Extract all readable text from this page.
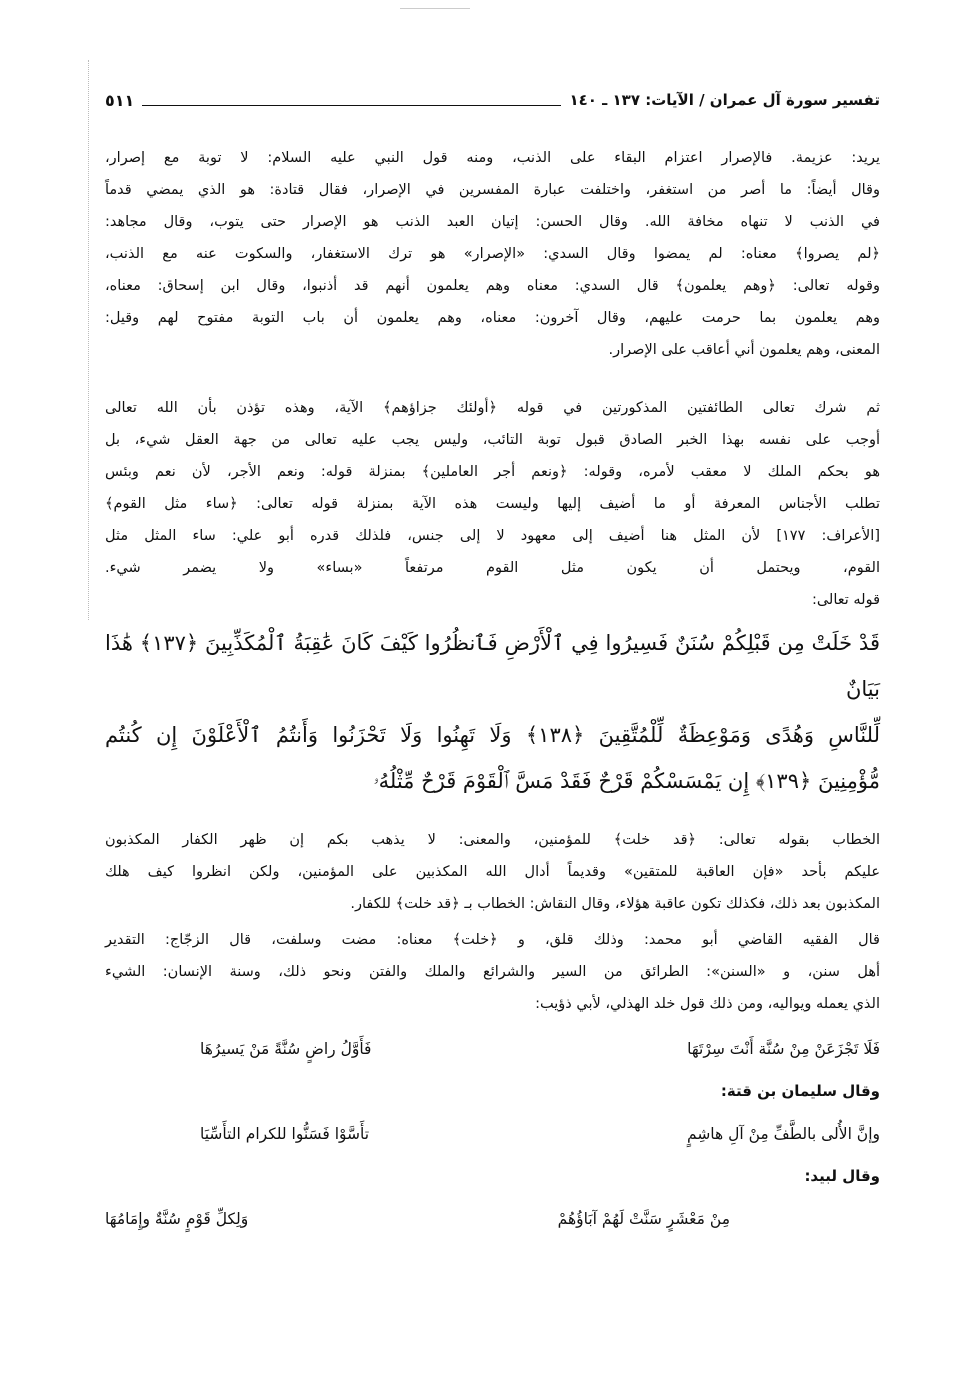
تفسير سورة آل عمران / الآيات: ١٣٧ ـ ١٤٠
٥١١
يريد: عزيمة. فالإصرار اعتزام البقاء على الذنب، ومنه قول النبي عليه السلام: لا توبة مع إصرار،
وقال أيضاً: ما أصر من استغفر، واختلفت عبارة المفسرين في الإصرار، فقال قتادة: هو الذي يمضي قدماً
في الذنب لا تنهاه مخافة الله. وقال الحسن: إتيان العبد الذنب هو الإصرار حتى يتوب، وقال مجاهد:
﴿لم يصروا﴾ معناه: لم يمضوا وقال السدي: «الإصرار» هو ترك الاستغفار، والسكوت عنه مع الذنب،
وقوله تعالى: ﴿وهم يعلمون﴾ قال السدي: معناه وهم يعلمون أنهم قد أذنبوا، وقال ابن إسحاق: معناه،
وهم يعلمون بما حرمت عليهم، وقال آخرون: معناه، وهم يعلمون أن باب التوبة مفتوح لهم وقيل:
المعنى، وهم يعلمون أني أعاقب على الإصرار.
ثم شرك تعالى الطائفتين المذكورتين في قوله ﴿أولئك جزاؤهم﴾ الآية، وهذه تؤذن بأن الله تعالى
أوجب على نفسه بهذا الخبر الصادق قبول توبة التائب، وليس يجب عليه تعالى من جهة العقل شيء، بل
هو بحكم الملك لا معقب لأمره، وقوله: ﴿ونعم أجر العاملين﴾ بمنزلة قوله: ونعم الأجر، لأن نعم وبئس
تطلب الأجناس المعرفة أو ما أضيف إليها وليست هذه الآية بمنزلة قوله تعالى: ﴿ساء مثل القوم﴾
[الأعراف: ١٧٧] لأن المثل هنا أضيف إلى معهود لا إلى جنس، فلذلك قدره أبو علي: ساء المثل مثل
القوم، ويحتمل أن يكون مثل القوم مرتفعاً «بساء» ولا يضمر شيء.
قوله تعالى:
قَدْ خَلَتْ مِن قَبْلِكُمْ سُنَنٌ فَسِيرُوا فِي ٱلْأَرْضِ فَٱنظُرُوا كَيْفَ كَانَ عَٰقِبَةُ ٱلْمُكَذِّبِينَ ﴿١٣٧﴾ هَٰذَا بَيَانٌ
لِّلنَّاسِ وَهُدًى وَمَوْعِظَةٌ لِّلْمُتَّقِينَ ﴿١٣٨﴾ وَلَا تَهِنُوا وَلَا تَحْزَنُوا وَأَنتُمُ ٱلْأَعْلَوْنَ إِن كُنتُم
مُّؤْمِنِينَ ﴿١٣٩﴾ إِن يَمْسَسْكُمْ قَرْحٌ فَقَدْ مَسَّ ٱلْقَوْمَ قَرْحٌ مِّثْلُهُۥ
الخطاب بقوله تعالى: ﴿قد خلت﴾ للمؤمنين، والمعنى: لا يذهب بكم إن ظهر الكفار المكذبون
عليكم بأحد «فإن العاقبة للمتقين» وقديماً أدال الله المكذبين على المؤمنين، ولكن انظروا كيف هلك
المكذبون بعد ذلك، فكذلك تكون عاقبة هؤلاء، وقال النقاش: الخطاب بـ ﴿قد خلت﴾ للكفار.
قال الفقيه القاضي أبو محمد: وذلك قلق، و ﴿خلت﴾ معناه: مضت وسلفت، قال الزجّاج: التقدير
أهل سنن، و «السنن»: الطرائق من السير والشرائع والملك والفتن ونحو ذلك، وسنة الإنسان: الشيء
الذي يعمله ويواليه، ومن ذلك قول خلد الهذلي، لأبي ذؤيب:
فَلَا تَجْزَعَنْ مِنْ سُنَّة أَنْتَ سِرْتَهَا
فَأَوَّلُ راضٍ سُنَّةً مَنْ يَسيرُهَا
وقال سليمان بن قتة:
وإنَّ الأُلى بالطَّفِّ مِنْ آلِ هاشِمٍ
تأَسَّوْا فَسَنُّوا للكرام التأَسِّيَا
وقال لبيد:
مِنْ مَعْشَرٍ سَنَّتْ لَهُمْ آبَاؤُهُمْ
وَلِكلِّ قَوْمٍ سُنَّةٌ وإِمَامُهَا
